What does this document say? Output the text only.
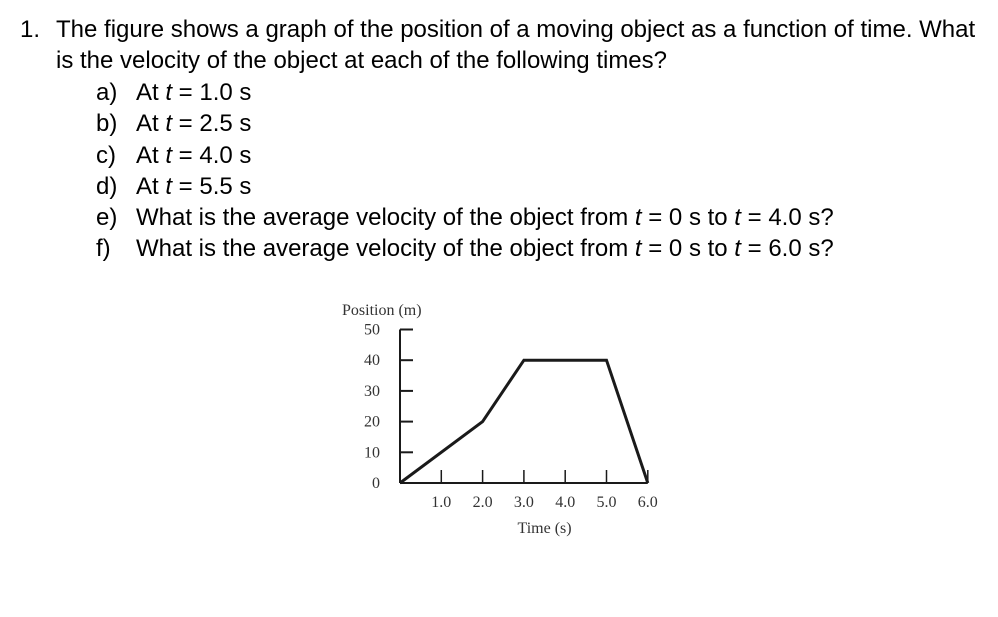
1. The figure shows a graph of the position of a moving object as a function of time. What is the velocity of the object at each of the following times?
a) At t = 1.0 s
b) At t = 2.5 s
c) At t = 4.0 s
d) At t = 5.5 s
e) What is the average velocity of the object from t = 0 s to t = 4.0 s?
f)	What is the average velocity of the object from t = 0 s to t = 6.0 s?
0
10
20
30
40
50
1.0 2.0 3.0 4.0 5.0 6.0
Position (m)
Time (s)
